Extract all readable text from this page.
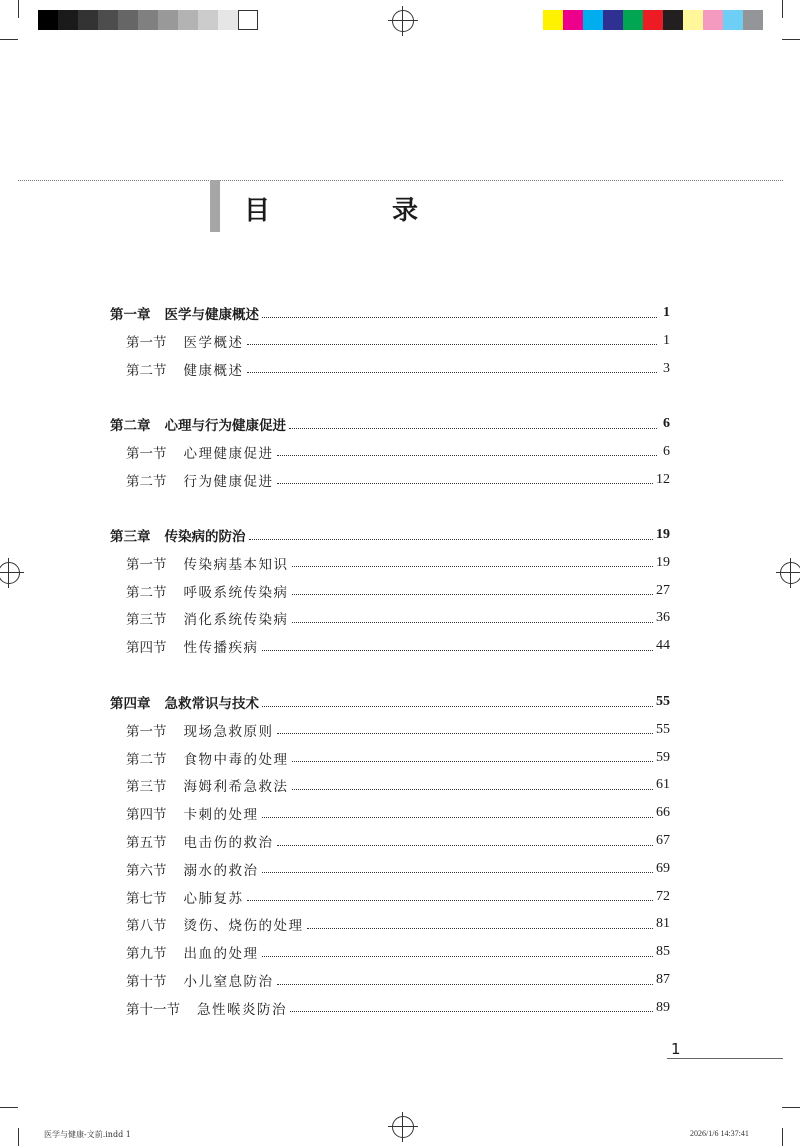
目　录
第一章 医学与健康概述	1
第一节 医学概述	1
第二节 健康概述	3
第二章 心理与行为健康促进	6
第一节 心理健康促进	6
第二节 行为健康促进	12
第三章 传染病的防治	19
第一节 传染病基本知识	19
第二节 呼吸系统传染病	27
第三节 消化系统传染病	36
第四节 性传播疾病	44
第四章 急救常识与技术	55
第一节 现场急救原则	55
第二节 食物中毒的处理	59
第三节 海姆利希急救法	61
第四节 卡刺的处理	66
第五节 电击伤的救治	67
第六节 溺水的救治	69
第七节 心肺复苏	72
第八节 烫伤、烧伤的处理	81
第九节 出血的处理	85
第十节 小儿窒息防治	87
第十一节 急性喉炎防治	89
1
医学与健康-文前.indd 1	2026/1/6 14:37:41
